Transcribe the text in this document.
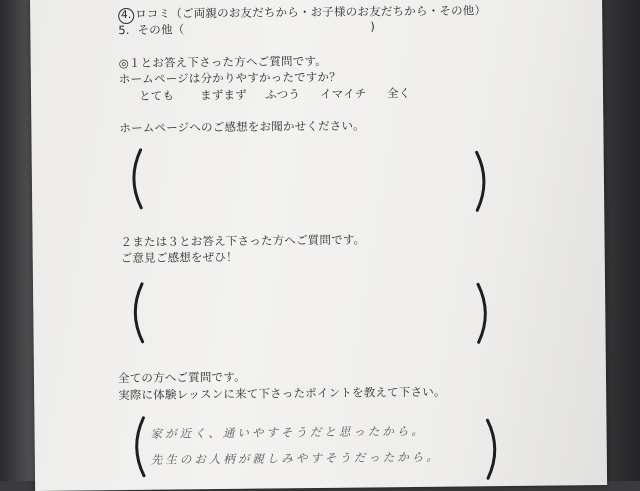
4. ロコミ（ご両親のお友だちから・お子様のお友だちから・その他）
5．その他（	)
◎１とお答え下さった方へご質問です。
ホームページは分かりやすかったですか？
とても まずまず ふつう イマイチ 全く
ホームページへのご感想をお聞かせください。
２または３とお答え下さった方へご質問です。
ご意見ご感想をぜひ！
全ての方へご質問です。
実際に体験レッスンに来て下さったポイントを教えて下さい。
家が近く、通いやすそうだと思ったから。
先生のお人柄が親しみやすそうだったから。
